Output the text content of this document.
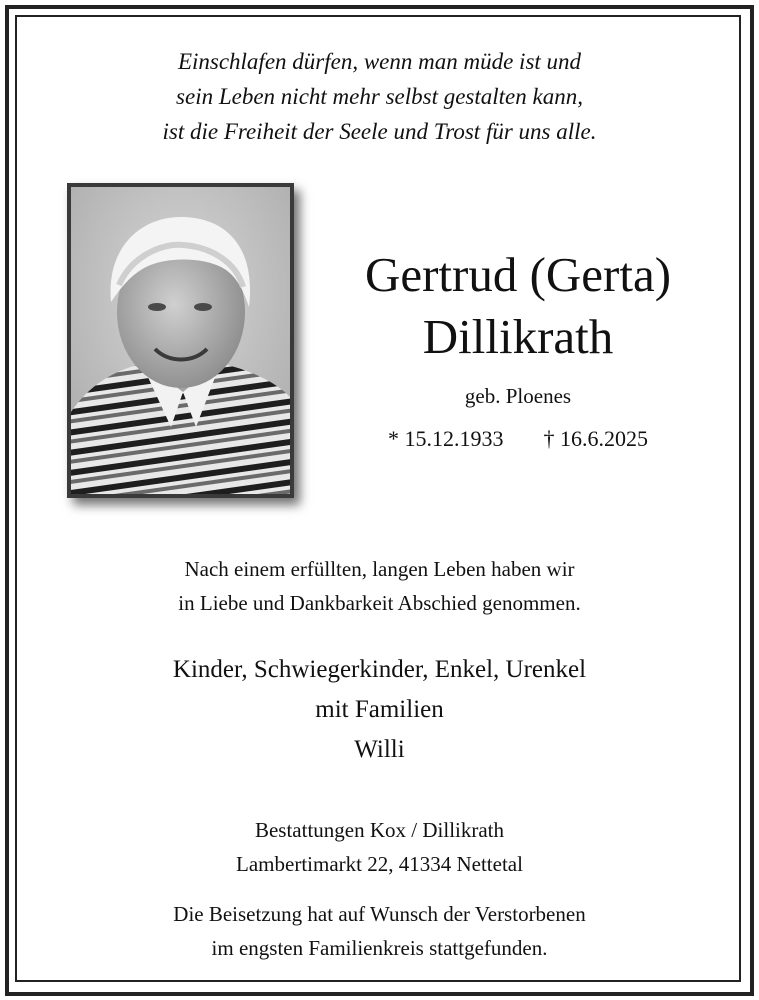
Einschlafen dürfen, wenn man müde ist und
sein Leben nicht mehr selbst gestalten kann,
ist die Freiheit der Seele und Trost für uns alle.
Gertrud (Gerta)
Dillikrath
geb. Ploenes
* 15.12.1933 † 16.6.2025
Nach einem erfüllten, langen Leben haben wir
in Liebe und Dankbarkeit Abschied genommen.
Kinder, Schwiegerkinder, Enkel, Urenkel
mit Familien
Willi
Bestattungen Kox / Dillikrath
Lambertimarkt 22, 41334 Nettetal
Die Beisetzung hat auf Wunsch der Verstorbenen
im engsten Familienkreis stattgefunden.
